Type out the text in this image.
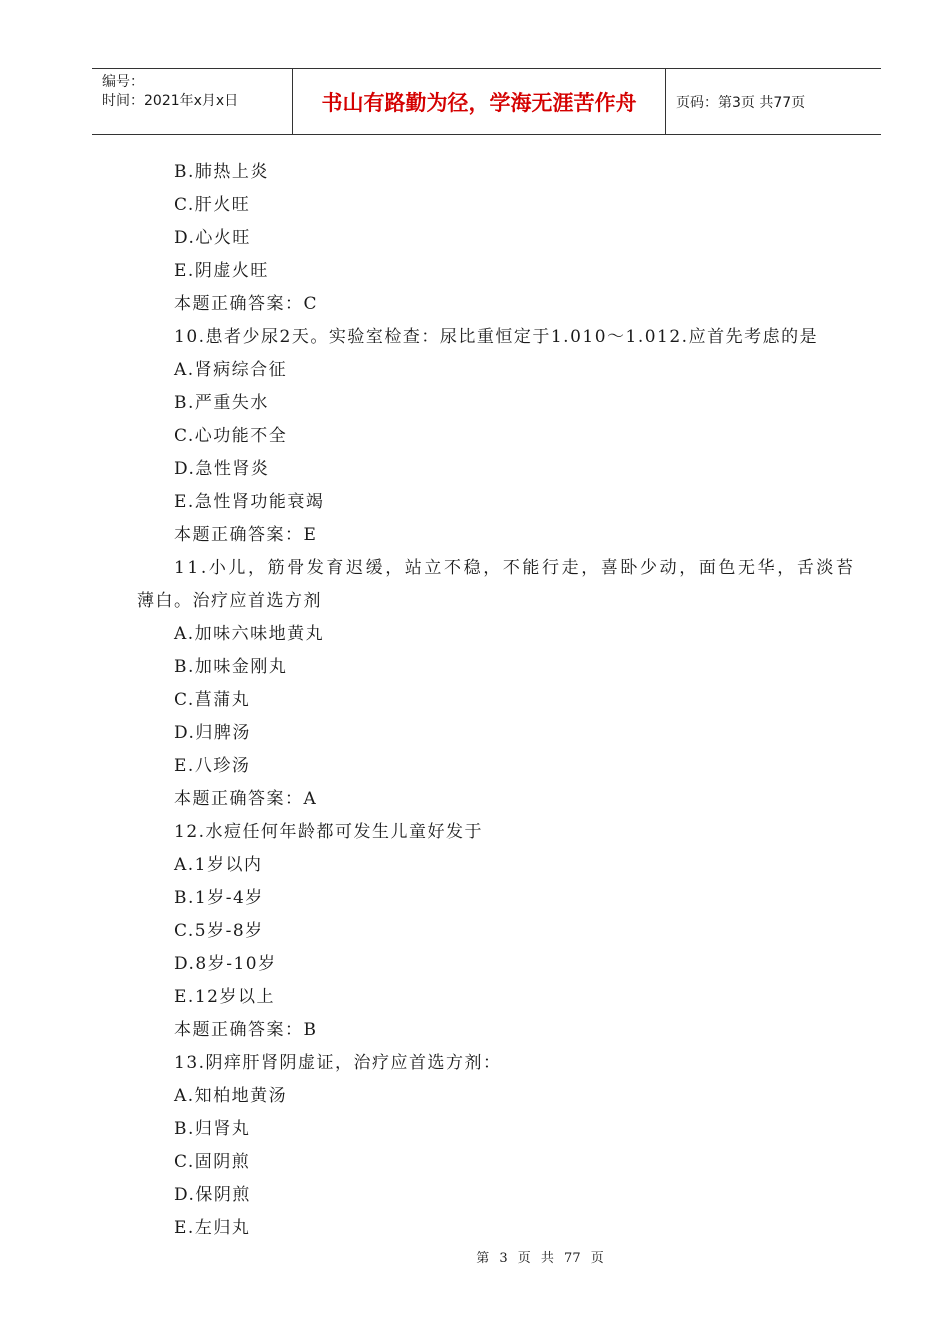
编号：
时间：2021年x月x日	书山有路勤为径，学海无涯苦作舟	页码：第3页 共77页
B.肺热上炎
C.肝火旺
D.心火旺
E.阴虚火旺
本题正确答案：C
10.患者少尿2天。实验室检查：尿比重恒定于1.010～1.012.应首先考虑的是
A.肾病综合征
B.严重失水
C.心功能不全
D.急性肾炎
E.急性肾功能衰竭
本题正确答案：E
11.小儿，筋骨发育迟缓，站立不稳，不能行走，喜卧少动，面色无华，舌淡苔
薄白。治疗应首选方剂
A.加味六味地黄丸
B.加味金刚丸
C.菖蒲丸
D.归脾汤
E.八珍汤
本题正确答案：A
12.水痘任何年龄都可发生儿童好发于
A.1岁以内
B.1岁-4岁
C.5岁-8岁
D.8岁-10岁
E.12岁以上
本题正确答案：B
13.阴痒肝肾阴虚证，治疗应首选方剂：
A.知柏地黄汤
B.归肾丸
C.固阴煎
D.保阴煎
E.左归丸
第 3 页 共 77 页
